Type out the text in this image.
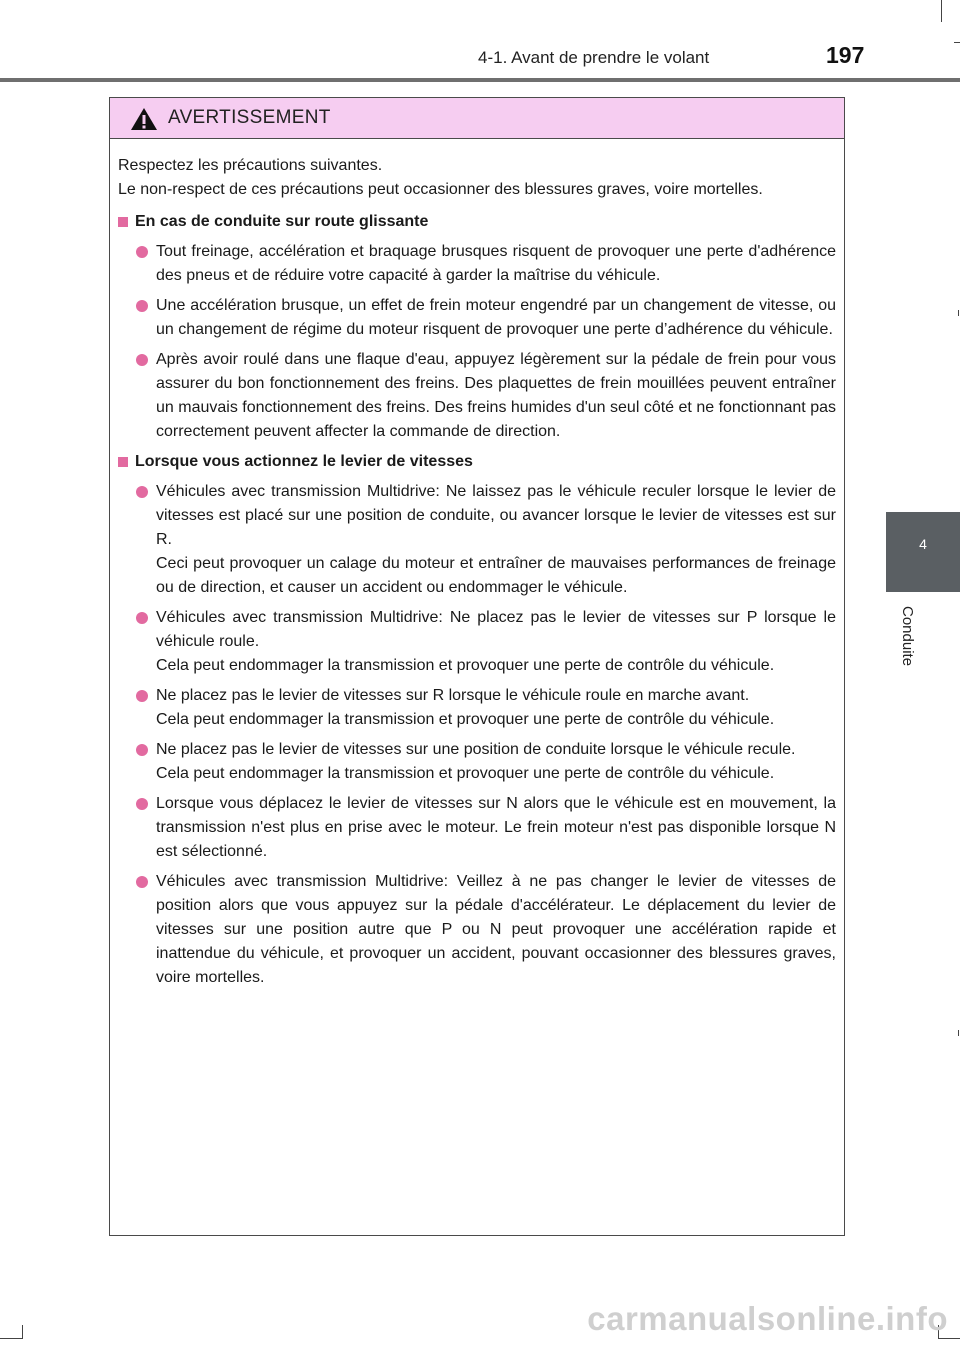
4-1. Avant de prendre le volant	197
4
Conduite
AVERTISSEMENT

Respectez les précautions suivantes.

Le non-respect de ces précautions peut occasionner des blessures graves, voire mortelles.

En cas de conduite sur route glissante

Tout freinage, accélération et braquage brusques risquent de provoquer une perte d'adhérence des pneus et de réduire votre capacité à garder la maîtrise du véhicule.

Une accélération brusque, un effet de frein moteur engendré par un changement de vitesse, ou un changement de régime du moteur risquent de provoquer une perte d’adhérence du véhicule.

Après avoir roulé dans une flaque d'eau, appuyez légèrement sur la pédale de frein pour vous assurer du bon fonctionnement des freins. Des plaquettes de frein mouillées peuvent entraîner un mauvais fonctionnement des freins. Des freins humides d'un seul côté et ne fonctionnant pas correctement peuvent affecter la commande de direction.

Lorsque vous actionnez le levier de vitesses

Véhicules avec transmission Multidrive: Ne laissez pas le véhicule reculer lorsque le levier de vitesses est placé sur une position de conduite, ou avancer lorsque le levier de vitesses est sur R.

Ceci peut provoquer un calage du moteur et entraîner de mauvaises performances de freinage ou de direction, et causer un accident ou endommager le véhicule.

Véhicules avec transmission Multidrive: Ne placez pas le levier de vitesses sur P lorsque le véhicule roule.

Cela peut endommager la transmission et provoquer une perte de contrôle du véhicule.

Ne placez pas le levier de vitesses sur R lorsque le véhicule roule en marche avant.

Cela peut endommager la transmission et provoquer une perte de contrôle du véhicule.

Ne placez pas le levier de vitesses sur une position de conduite lorsque le véhicule recule.

Cela peut endommager la transmission et provoquer une perte de contrôle du véhicule.

Lorsque vous déplacez le levier de vitesses sur N alors que le véhicule est en mouvement, la transmission n'est plus en prise avec le moteur. Le frein moteur n'est pas disponible lorsque N est sélectionné.

Véhicules avec transmission Multidrive: Veillez à ne pas changer le levier de vitesses de position alors que vous appuyez sur la pédale d'accélérateur. Le déplacement du levier de vitesses sur une position autre que P ou N peut provoquer une accélération rapide et inattendue du véhicule, et provoquer un accident, pouvant occasionner des blessures graves, voire mortelles.

carmanualsonline.info
